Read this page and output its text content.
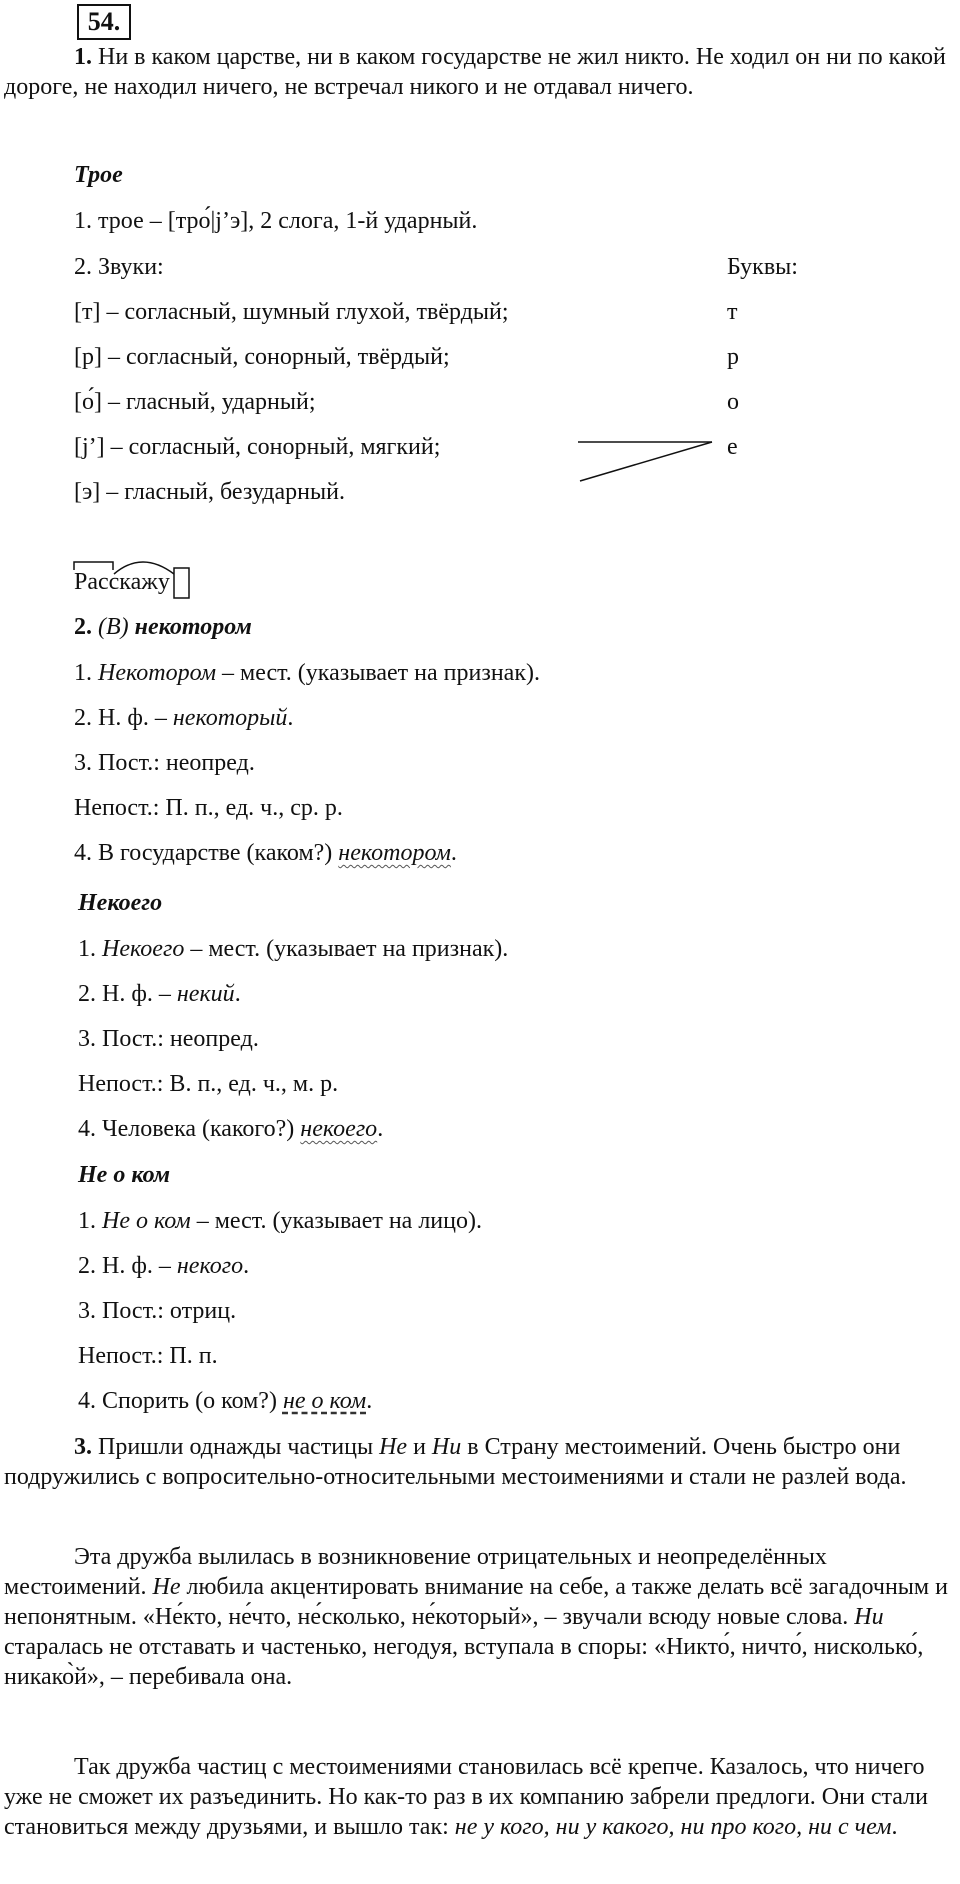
54.
1. Ни в каком царстве, ни в каком государстве не жил никто. Не ходил он ни по какой дороге, не находил ничего, не встречал никого и не отдавал ничего.
Трое
1. трое – [тро́|j’э], 2 слога, 1-й ударный.
2. Звуки:	Буквы:
[т] – согласный, шумный глухой, твёрдый;	т
[р] – согласный, сонорный, твёрдый;	р
[о́] – гласный, ударный;	о
[j’] – согласный, сонорный, мягкий;	е
[э] – гласный, безударный.
Расскажу
2. (В) некотором
1. Некотором – мест. (указывает на признак).
2. Н. ф. – некоторый.
3. Пост.: неопред.
Непост.: П. п., ед. ч., ср. р.
4. В государстве (каком?) некотором.
Некоего
1. Некоего – мест. (указывает на признак).
2. Н. ф. – некий.
3. Пост.: неопред.
Непост.: В. п., ед. ч., м. р.
4. Человека (какого?) некоего.
Не о ком
1. Не о ком – мест. (указывает на лицо).
2. Н. ф. – некого.
3. Пост.: отриц.
Непост.: П. п.
4. Спорить (о ком?) не о ком.
3. Пришли однажды частицы Не и Ни в Страну местоимений. Очень быстро они подружились с вопросительно-относительными местоимениями и стали не разлей вода.
Эта дружба вылилась в возникновение отрицательных и неопределённых местоимений. Не любила акцентировать внимание на себе, а также делать всё загадочным и непонятным. «Не́кто, не́что, не́сколько, не́который», – звучали всюду новые слова. Ни старалась не отставать и частенько, негодуя, вступала в споры: «Никто́, ничто́, нисколько́, никако̀й», – перебивала она.
Так дружба частиц с местоимениями становилась всё крепче. Казалось, что ничего уже не сможет их разъединить. Но как-то раз в их компанию забрели предлоги. Они стали становиться между друзьями, и вышло так: не у кого, ни у какого, ни про кого, ни с чем.
